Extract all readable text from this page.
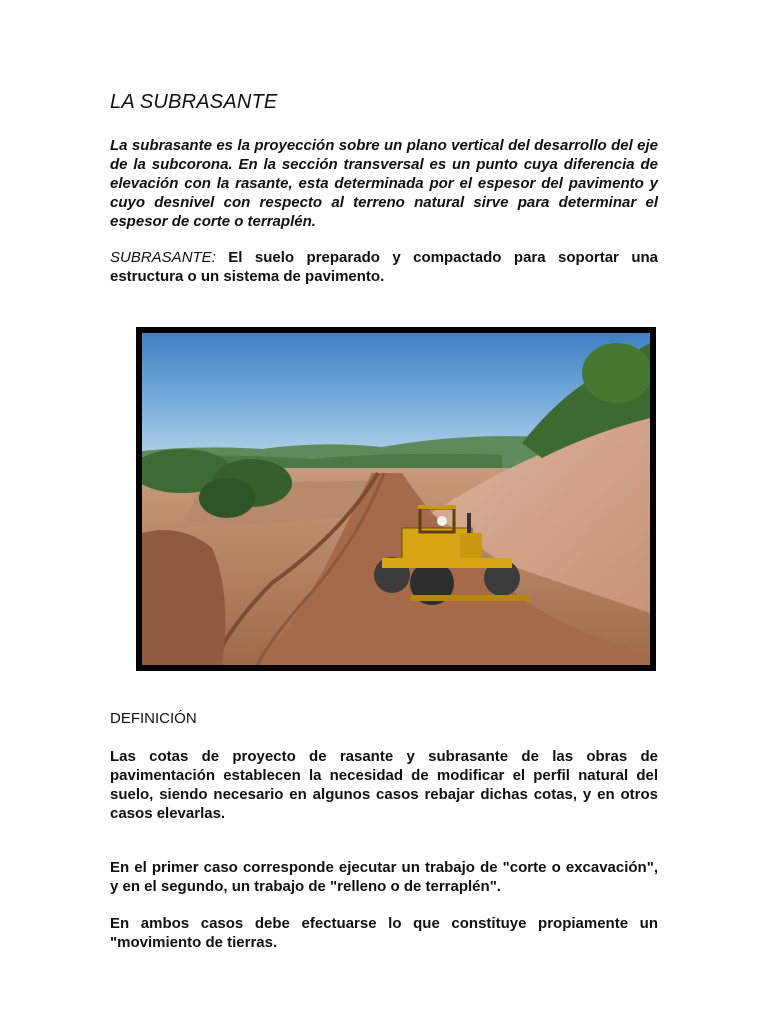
LA SUBRASANTE

La subrasante es la proyección sobre un plano vertical del desarrollo del eje de la subcorona. En la sección transversal es un punto cuya diferencia de elevación con la rasante, esta determinada por el espesor del pavimento y cuyo desnivel con respecto al terreno natural sirve para determinar el espesor de corte o terraplén.

SUBRASANTE: El suelo preparado y compactado para soportar una estructura o un sistema de pavimento.

DEFINICIÓN

Las cotas de proyecto de rasante y subrasante de las obras de pavimentación establecen la necesidad de modificar el perfil natural del suelo, siendo necesario en algunos casos rebajar dichas cotas, y en otros casos elevarlas.

En el primer caso corresponde ejecutar un trabajo de "corte o excavación", y en el segundo, un trabajo de "relleno o de terraplén".

En ambos casos debe efectuarse lo que constituye propiamente un "movimiento de tierras.
